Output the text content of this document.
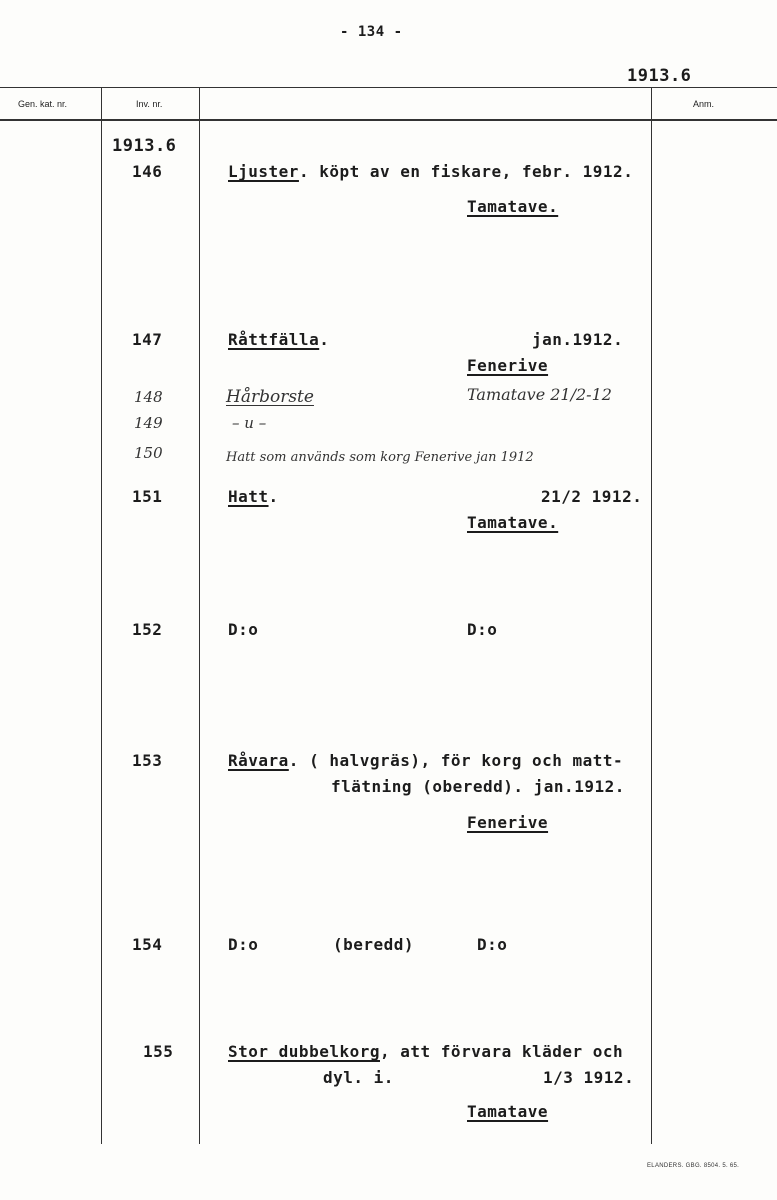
- 134 -
1913.6
Gen. kat. nr.	Inv. nr.	Anm.
1913.6
146	Ljuster. köpt av en fiskare, febr. 1912.
Tamatave.
147	Råttfälla.	jan.1912.
Fenerive
148	Hårborste	Tamatave 21/2-12
149	– u –
150	Hatt som används som korg Fenerive jan 1912
151	Hatt.	21/2 1912.
Tamatave.
152	D:o	D:o
153	Råvara. ( halvgräs), för korg och matt-
flätning (oberedd). jan.1912.
Fenerive
154	D:o	(beredd)	D:o
155	Stor dubbelkorg, att förvara kläder och
dyl. i.	1/3 1912.
Tamatave
ELANDERS. GBG. 8504. 5. 65.
